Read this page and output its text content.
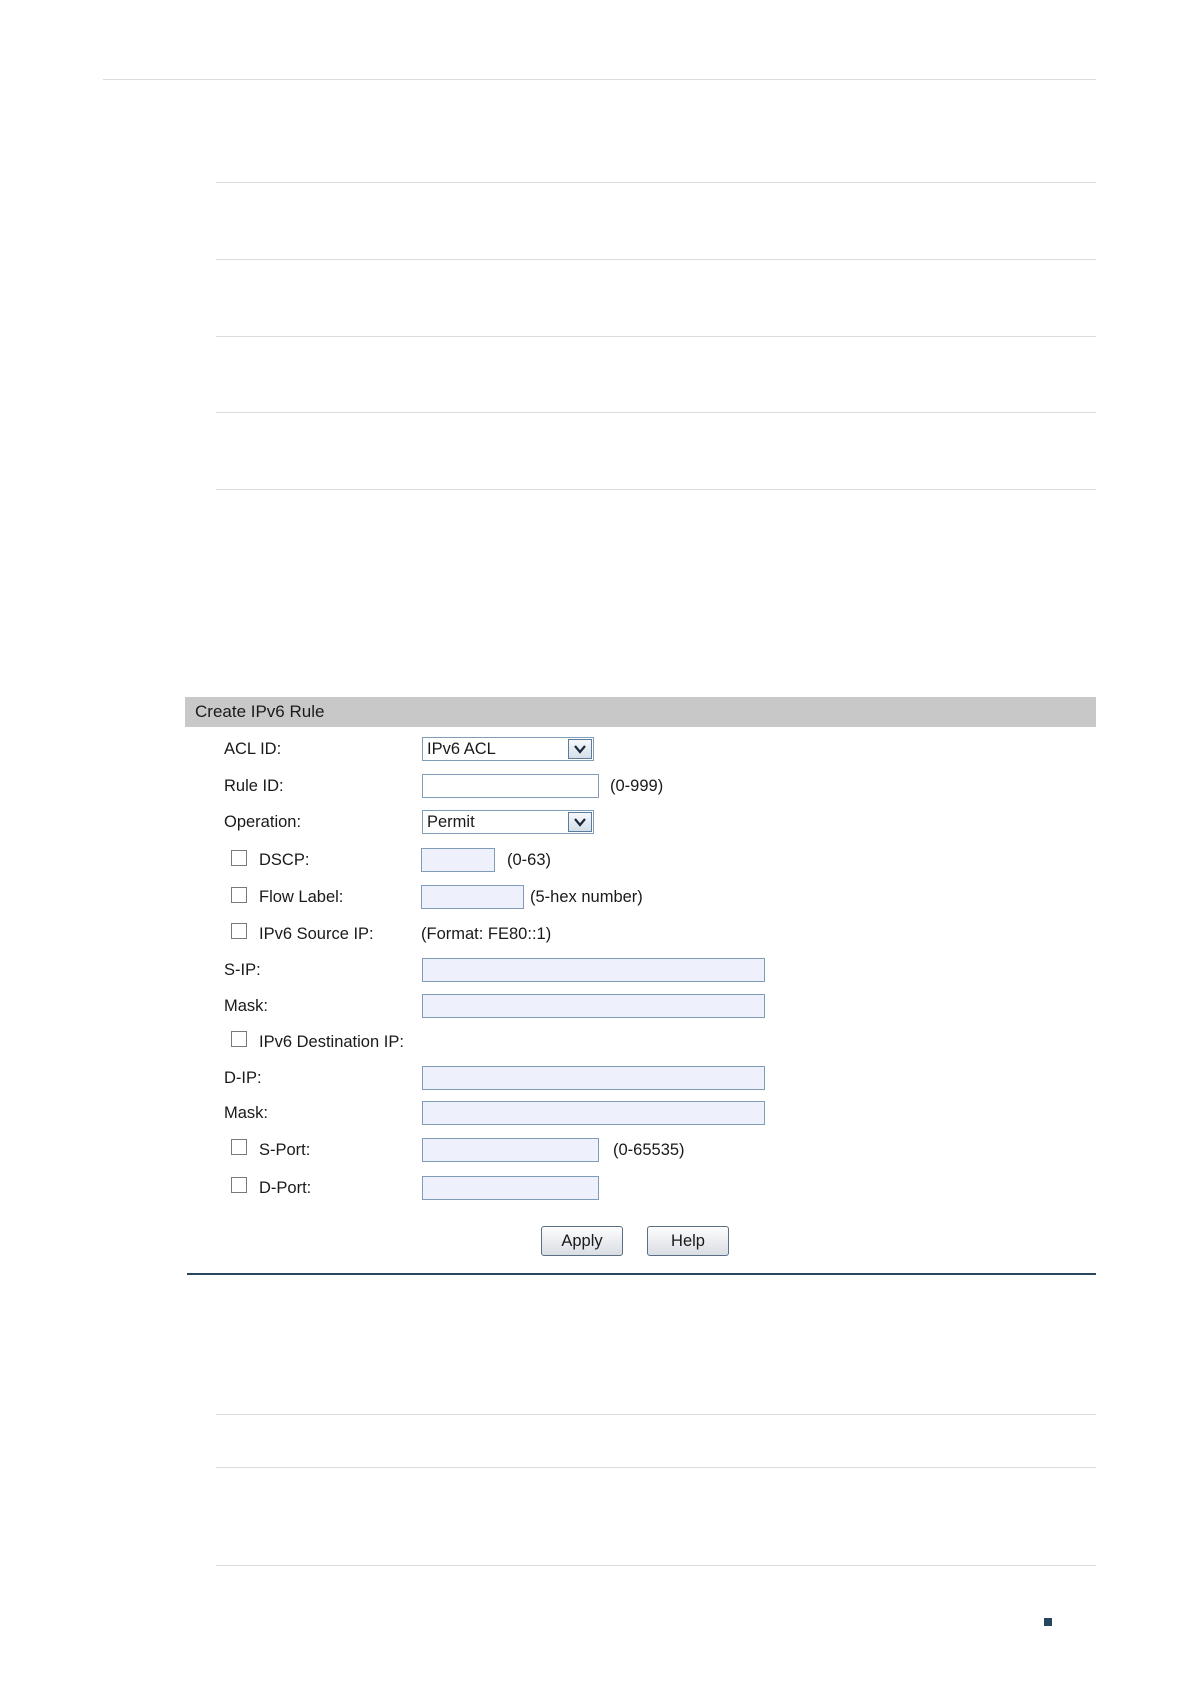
Create IPv6 Rule
ACL ID:	IPv6 ACL
Rule ID:	(0-999)
Operation:	Permit
DSCP:	(0-63)
Flow Label:	(5-hex number)
IPv6 Source IP:	(Format: FE80::1)
S-IP:
Mask:
IPv6 Destination IP:
D-IP:
Mask:
S-Port:	(0-65535)
D-Port:
Apply	Help
